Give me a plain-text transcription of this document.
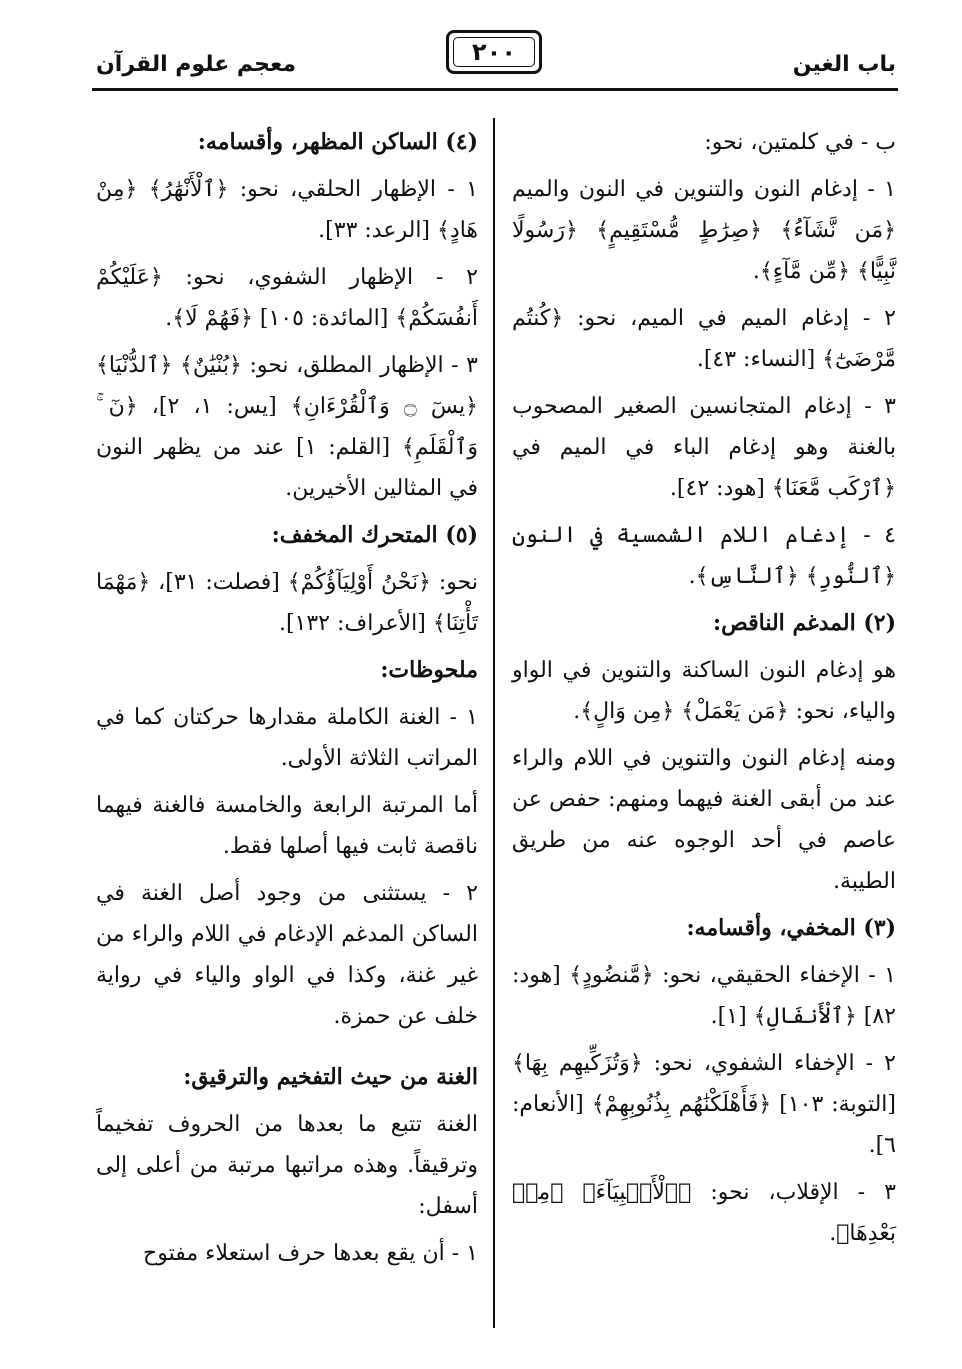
باب الغين
٢٠٠
معجم علوم القرآن

ب - في كلمتين، نحو:

١ - إدغام النون والتنوين في النون والميم ﴿مَن نَّشَآءُ﴾ ﴿صِرَٰطٍ مُّسْتَقِيمٍ﴾ ﴿رَسُولًا نَّبِيًّا﴾ ﴿مِّن مَّآءٍ﴾.

٢ - إدغام الميم في الميم، نحو: ﴿كُنتُم مَّرْضَىٰٓ﴾ [النساء: ٤٣].

٣ - إدغام المتجانسين الصغير المصحوب بالغنة وهو إدغام الباء في الميم في ﴿ٱرْكَب مَّعَنَا﴾ [هود: ٤٢].

٤ - إدغام اللام الشمسية في النون ﴿ٱلنُّورِ﴾ ﴿ٱلنَّاسِ﴾.

(٢) المدغم الناقص:

هو إدغام النون الساكنة والتنوين في الواو والياء، نحو: ﴿مَن يَعْمَلْ﴾ ﴿مِن وَالٍ﴾.

ومنه إدغام النون والتنوين في اللام والراء عند من أبقى الغنة فيهما ومنهم: حفص عن عاصم في أحد الوجوه عنه من طريق الطيبة.

(٣) المخفي، وأقسامه:

١ - الإخفاء الحقيقي، نحو: ﴿مَّنضُودٍ﴾ [هود: ٨٢] ﴿ٱلْأَنفَالِ﴾ [١].

٢ - الإخفاء الشفوي، نحو: ﴿وَتُزَكِّيهِم بِهَا﴾ [التوبة: ١٠٣] ﴿فَأَهْلَكْنَٰهُم بِذُنُوبِهِمْ﴾ [الأنعام: ٦].

٣ - الإقلاب، نحو: ﴿ٱلْأَنۢبِيَآءَ﴾ ﴿مِنۢ بَعْدِهَا﴾.

(٤) الساكن المظهر، وأقسامه:

١ - الإظهار الحلقي، نحو: ﴿ٱلْأَنْهَٰرُ﴾ ﴿مِنْ هَادٍ﴾ [الرعد: ٣٣].

٢ - الإظهار الشفوي، نحو: ﴿عَلَيْكُمْ أَنفُسَكُمْ﴾ [المائدة: ١٠٥] ﴿فَهُمْ لَا﴾.

٣ - الإظهار المطلق، نحو: ﴿بُنْيَٰنٌ﴾ ﴿ٱلدُّنْيَا﴾ ﴿يسٓ ۝ وَٱلْقُرْءَانِ﴾ [يس: ١، ٢]، ﴿نٓ ۚ وَٱلْقَلَمِ﴾ [القلم: ١] عند من يظهر النون في المثالين الأخيرين.

(٥) المتحرك المخفف:

نحو: ﴿نَحْنُ أَوْلِيَآؤُكُمْ﴾ [فصلت: ٣١]، ﴿مَهْمَا تَأْتِنَا﴾ [الأعراف: ١٣٢].

ملحوظات:

١ - الغنة الكاملة مقدارها حركتان كما في المراتب الثلاثة الأولى.

أما المرتبة الرابعة والخامسة فالغنة فيهما ناقصة ثابت فيها أصلها فقط.

٢ - يستثنى من وجود أصل الغنة في الساكن المدغم الإدغام في اللام والراء من غير غنة، وكذا في الواو والياء في رواية خلف عن حمزة.

الغنة من حيث التفخيم والترقيق:

الغنة تتبع ما بعدها من الحروف تفخيماً وترقيقاً. وهذه مراتبها مرتبة من أعلى إلى أسفل:

١ - أن يقع بعدها حرف استعلاء مفتوح
